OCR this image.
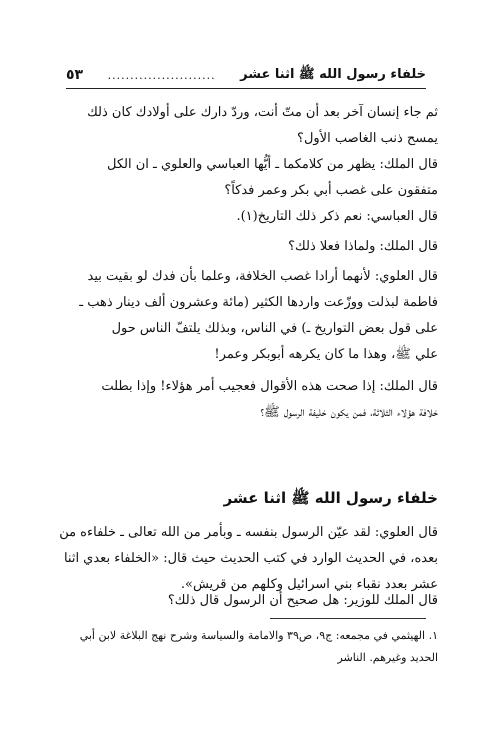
خلفاء رسول الله ﷺ اثنا عشر
........................
٥٣
ثم جاء إنسان آخر بعد أن متّ أنت، وردّ دارك على أولادك كان ذلك
يمسح ذنب الغاصب الأول؟
قال الملك: يظهر من كلامكما ـ أيُّها العباسي والعلوي ـ ان الكل
متفقون على غصب أبي بكر وعمر فدكاً؟
قال العباسي: نعم ذكر ذلك التاريخ(١).
قال الملك: ولماذا فعلا ذلك؟
قال العلوي: لأنهما أرادا غصب الخلافة، وعلما بأن فدك لو بقيت بيد
فاطمة لبذلت ووزّعت واردها الكثير (مائة وعشرون ألف دينار ذهب ـ
على قول بعض التواريخ ـ) في الناس، وبذلك يلتفّ الناس حول
علي ﷺ، وهذا ما كان يكرهه أبوبكر وعمر!
قال الملك: إذا صحت هذه الأقوال فعجيب أمر هؤلاء! وإذا بطلت
خلافة هؤلاء الثلاثة، فمن يكون خليفة الرسول ﷺ؟
خلفاء رسول الله ﷺ اثنا عشر
قال العلوي: لقد عيّن الرسول بنفسه ـ وبأمر من الله تعالى ـ خلفاءه من
بعده، في الحديث الوارد في كتب الحديث حيث قال: «الخلفاء بعدي اثنا
عشر بعدد نقباء بني اسرائيل وكلهم من قريش».
قال الملك للوزير: هل صحيح أن الرسول قال ذلك؟
١. الهيثمي في مجمعه: ج٩، ص٣٩ والامامة والسياسة وشرح نهج البلاغة لابن أبي
الحديد وغيرهم. الناشر
